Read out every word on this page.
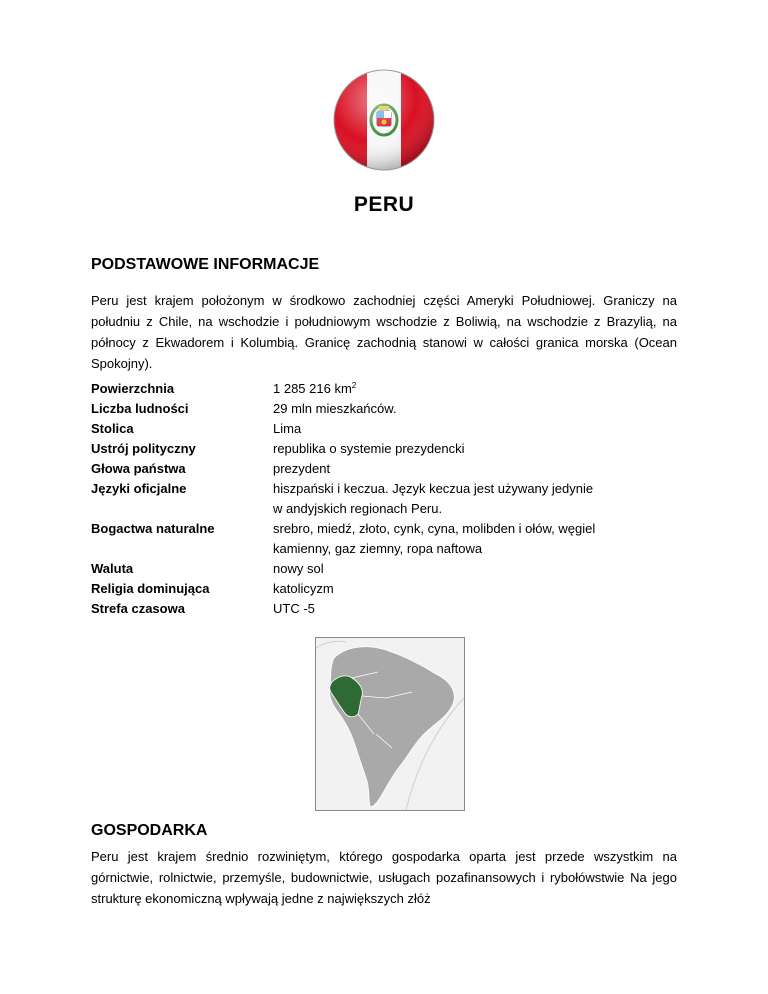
PERU
PODSTAWOWE INFORMACJE
Peru jest krajem położonym w środkowo zachodniej części Ameryki Południowej. Graniczy na południu z Chile, na wschodzie i południowym wschodzie z Boliwią, na wschodzie z Brazylią, na północy z Ekwadorem i Kolumbią. Granicę zachodnią stanowi w całości granica morska (Ocean Spokojny).
Powierzchnia	1 285 216 $km^2$
Liczba ludności	29 mln mieszkańców.
Stolica	Lima
Ustrój polityczny	republika o systemie prezydencki
Głowa państwa	prezydent
Języki oficjalne	hiszpański i keczua. Język keczua jest używany jedynie
w andyjskich regionach Peru.
Bogactwa naturalne	srebro, miedź, złoto, cynk, cyna, molibden i ołów, węgiel
kamienny, gaz ziemny, ropa naftowa
Waluta	nowy sol
Religia dominująca	katolicyzm
Strefa czasowa	UTC -5
GOSPODARKA
Peru jest krajem średnio rozwiniętym, którego gospodarka oparta jest przede wszystkim na górnictwie, rolnictwie, przemyśle, budownictwie, usługach pozafinansowych i rybołówstwie Na jego strukturę ekonomiczną wpływają jedne z największych złóż
